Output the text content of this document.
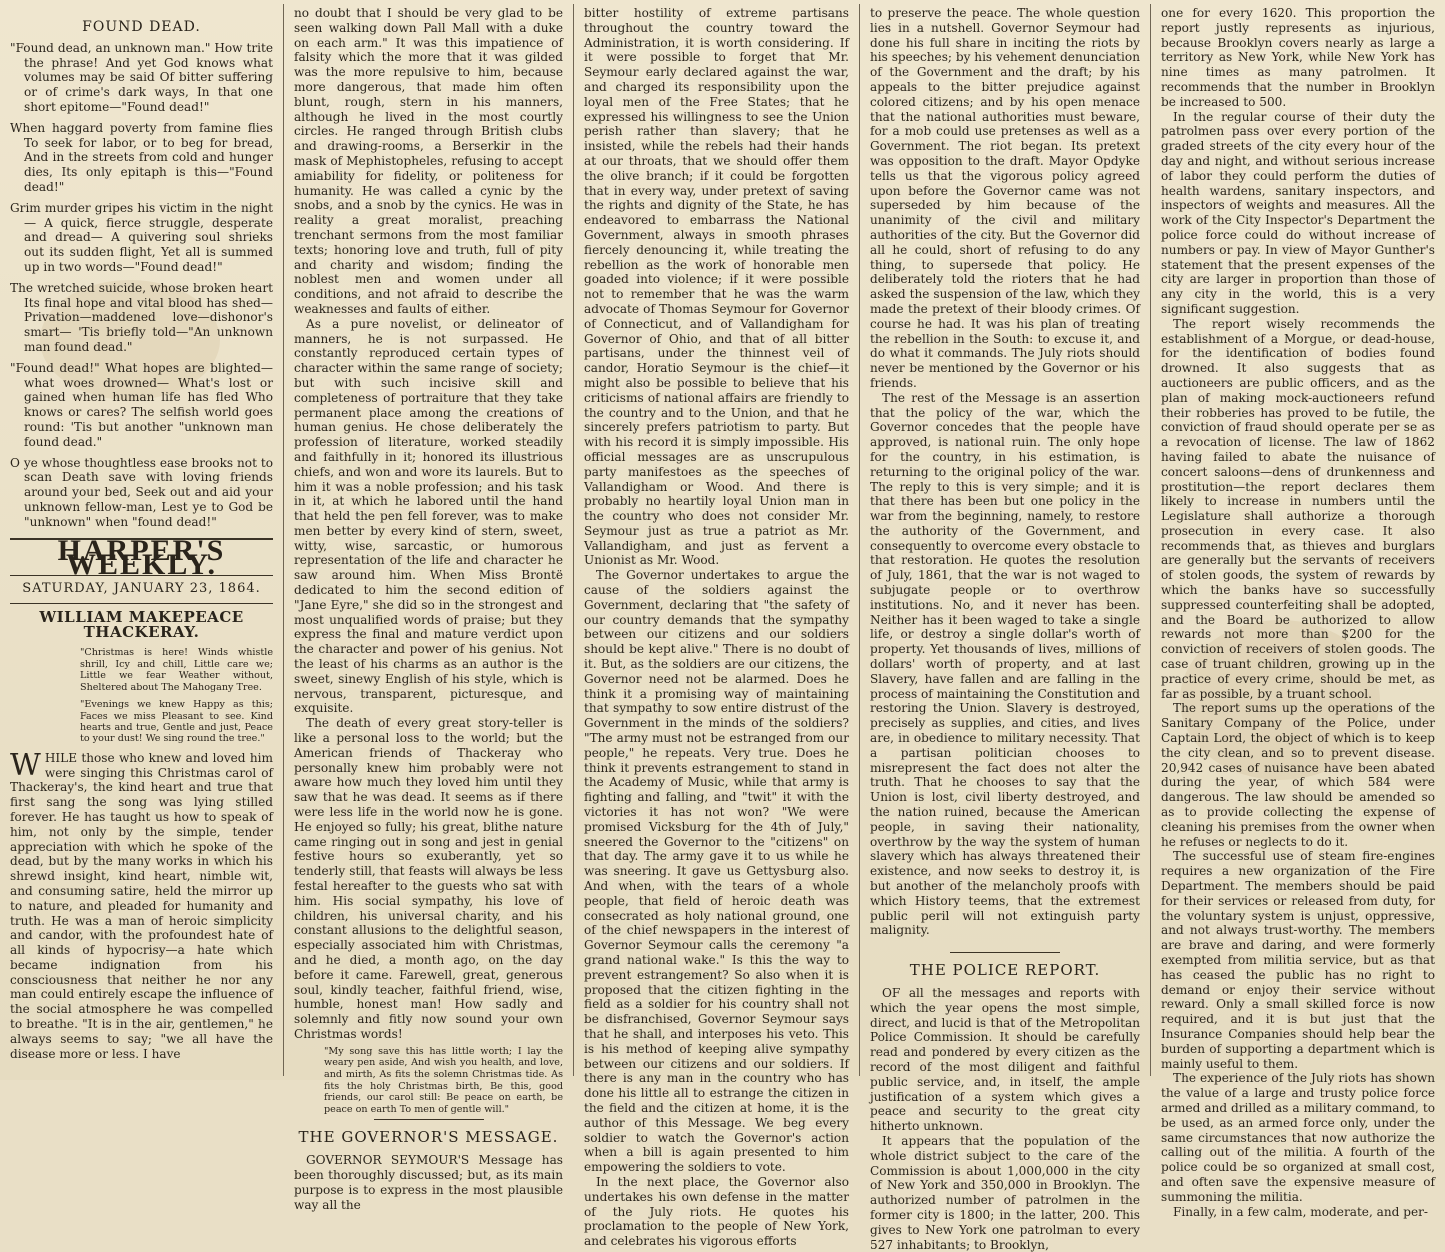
FOUND DEAD.

"Found dead, an unknown man." How trite the phrase! And yet God knows what volumes may be said Of bitter suffering or of crime's dark ways, In that one short epitome—"Found dead!"

When haggard poverty from famine flies To seek for labor, or to beg for bread, And in the streets from cold and hunger dies, Its only epitaph is this—"Found dead!"

Grim murder gripes his victim in the night— A quick, fierce struggle, desperate and dread— A quivering soul shrieks out its sudden flight, Yet all is summed up in two words—"Found dead!"

The wretched suicide, whose broken heart Its final hope and vital blood has shed— Privation—maddened love—dishonor's smart— 'Tis briefly told—"An unknown man found dead."

"Found dead!" What hopes are blighted—what woes drowned— What's lost or gained when human life has fled Who knows or cares? The selfish world goes round: 'Tis but another "unknown man found dead."

O ye whose thoughtless ease brooks not to scan Death save with loving friends around your bed, Seek out and aid your unknown fellow-man, Lest ye to God be "unknown" when "found dead!"

HARPER'S WEEKLY.
SATURDAY, JANUARY 23, 1864.
WILLIAM MAKEPEACE THACKERAY.
"Christmas is here! Winds whistle shrill, Icy and chill, Little care we; Little we fear Weather without, Sheltered about The Mahogany Tree.
"Evenings we knew Happy as this; Faces we miss Pleasant to see. Kind hearts and true, Gentle and just, Peace to your dust! We sing round the tree."
W HILE those who knew and loved him were singing this Christmas carol of Thackeray's, the kind heart and true that first sang the song was lying stilled forever. He has taught us how to speak of him, not only by the simple, tender appreciation with which he spoke of the dead, but by the many works in which his shrewd insight, kind heart, nimble wit, and consuming satire, held the mirror up to nature, and pleaded for humanity and truth. He was a man of heroic simplicity and candor, with the profoundest hate of all kinds of hypocrisy—a hate which became indignation from his consciousness that neither he nor any man could entirely escape the influence of the social atmosphere he was compelled to breathe. "It is in the air, gentlemen," he always seems to say; "we all have the disease more or less. I have

no doubt that I should be very glad to be seen walking down Pall Mall with a duke on each arm." It was this impatience of falsity which the more that it was gilded was the more repulsive to him, because more dangerous, that made him often blunt, rough, stern in his manners, although he lived in the most courtly circles. He ranged through British clubs and drawing-rooms, a Berserkir in the mask of Mephistopheles, refusing to accept amiability for fidelity, or politeness for humanity. He was called a cynic by the snobs, and a snob by the cynics. He was in reality a great moralist, preaching trenchant sermons from the most familiar texts; honoring love and truth, full of pity and charity and wisdom; finding the noblest men and women under all conditions, and not afraid to describe the weaknesses and faults of either.

As a pure novelist, or delineator of manners, he is not surpassed. He constantly reproduced certain types of character within the same range of society; but with such incisive skill and completeness of portraiture that they take permanent place among the creations of human genius. He chose deliberately the profession of literature, worked steadily and faithfully in it; honored its illustrious chiefs, and won and wore its laurels. But to him it was a noble profession; and his task in it, at which he labored until the hand that held the pen fell forever, was to make men better by every kind of stern, sweet, witty, wise, sarcastic, or humorous representation of the life and character he saw around him. When Miss Brontë dedicated to him the second edition of "Jane Eyre," she did so in the strongest and most unqualified words of praise; but they express the final and mature verdict upon the character and power of his genius. Not the least of his charms as an author is the sweet, sinewy English of his style, which is nervous, transparent, picturesque, and exquisite.

The death of every great story-teller is like a personal loss to the world; but the American friends of Thackeray who personally knew him probably were not aware how much they loved him until they saw that he was dead. It seems as if there were less life in the world now he is gone. He enjoyed so fully; his great, blithe nature came ringing out in song and jest in genial festive hours so exuberantly, yet so tenderly still, that feasts will always be less festal hereafter to the guests who sat with him. His social sympathy, his love of children, his universal charity, and his constant allusions to the delightful season, especially associated him with Christmas, and he died, a month ago, on the day before it came. Farewell, great, generous soul, kindly teacher, faithful friend, wise, humble, honest man! How sadly and solemnly and fitly now sound your own Christmas words!

"My song save this has little worth; I lay the weary pen aside, And wish you health, and love, and mirth, As fits the solemn Christmas tide. As fits the holy Christmas birth, Be this, good friends, our carol still: Be peace on earth, be peace on earth To men of gentle will."
THE GOVERNOR'S MESSAGE.

GOVERNOR SEYMOUR'S Message has been thoroughly discussed; but, as its main purpose is to express in the most plausible way all the

bitter hostility of extreme partisans throughout the country toward the Administration, it is worth considering. If it were possible to forget that Mr. Seymour early declared against the war, and charged its responsibility upon the loyal men of the Free States; that he expressed his willingness to see the Union perish rather than slavery; that he insisted, while the rebels had their hands at our throats, that we should offer them the olive branch; if it could be forgotten that in every way, under pretext of saving the rights and dignity of the State, he has endeavored to embarrass the National Government, always in smooth phrases fiercely denouncing it, while treating the rebellion as the work of honorable men goaded into violence; if it were possible not to remember that he was the warm advocate of Thomas Seymour for Governor of Connecticut, and of Vallandigham for Governor of Ohio, and that of all bitter partisans, under the thinnest veil of candor, Horatio Seymour is the chief—it might also be possible to believe that his criticisms of national affairs are friendly to the country and to the Union, and that he sincerely prefers patriotism to party. But with his record it is simply impossible. His official messages are as unscrupulous party manifestoes as the speeches of Vallandigham or Wood. And there is probably no heartily loyal Union man in the country who does not consider Mr. Seymour just as true a patriot as Mr. Vallandigham, and just as fervent a Unionist as Mr. Wood.

The Governor undertakes to argue the cause of the soldiers against the Government, declaring that "the safety of our country demands that the sympathy between our citizens and our soldiers should be kept alive." There is no doubt of it. But, as the soldiers are our citizens, the Governor need not be alarmed. Does he think it a promising way of maintaining that sympathy to sow entire distrust of the Government in the minds of the soldiers? "The army must not be estranged from our people," he repeats. Very true. Does he think it prevents estrangement to stand in the Academy of Music, while that army is fighting and falling, and "twit" it with the victories it has not won? "We were promised Vicksburg for the 4th of July," sneered the Governor to the "citizens" on that day. The army gave it to us while he was sneering. It gave us Gettysburg also. And when, with the tears of a whole people, that field of heroic death was consecrated as holy national ground, one of the chief newspapers in the interest of Governor Seymour calls the ceremony "a grand national wake." Is this the way to prevent estrangement? So also when it is proposed that the citizen fighting in the field as a soldier for his country shall not be disfranchised, Governor Seymour says that he shall, and interposes his veto. This is his method of keeping alive sympathy between our citizens and our soldiers. If there is any man in the country who has done his little all to estrange the citizen in the field and the citizen at home, it is the author of this Message. We beg every soldier to watch the Governor's action when a bill is again presented to him empowering the soldiers to vote.

In the next place, the Governor also undertakes his own defense in the matter of the July riots. He quotes his proclamation to the people of New York, and celebrates his vigorous efforts

to preserve the peace. The whole question lies in a nutshell. Governor Seymour had done his full share in inciting the riots by his speeches; by his vehement denunciation of the Government and the draft; by his appeals to the bitter prejudice against colored citizens; and by his open menace that the national authorities must beware, for a mob could use pretenses as well as a Government. The riot began. Its pretext was opposition to the draft. Mayor Opdyke tells us that the vigorous policy agreed upon before the Governor came was not superseded by him because of the unanimity of the civil and military authorities of the city. But the Governor did all he could, short of refusing to do any thing, to supersede that policy. He deliberately told the rioters that he had asked the suspension of the law, which they made the pretext of their bloody crimes. Of course he had. It was his plan of treating the rebellion in the South: to excuse it, and do what it commands. The July riots should never be mentioned by the Governor or his friends.

The rest of the Message is an assertion that the policy of the war, which the Governor concedes that the people have approved, is national ruin. The only hope for the country, in his estimation, is returning to the original policy of the war. The reply to this is very simple; and it is that there has been but one policy in the war from the beginning, namely, to restore the authority of the Government, and consequently to overcome every obstacle to that restoration. He quotes the resolution of July, 1861, that the war is not waged to subjugate people or to overthrow institutions. No, and it never has been. Neither has it been waged to take a single life, or destroy a single dollar's worth of property. Yet thousands of lives, millions of dollars' worth of property, and at last Slavery, have fallen and are falling in the process of maintaining the Constitution and restoring the Union. Slavery is destroyed, precisely as supplies, and cities, and lives are, in obedience to military necessity. That a partisan politician chooses to misrepresent the fact does not alter the truth. That he chooses to say that the Union is lost, civil liberty destroyed, and the nation ruined, because the American people, in saving their nationality, overthrow by the way the system of human slavery which has always threatened their existence, and now seeks to destroy it, is but another of the melancholy proofs with which History teems, that the extremest public peril will not extinguish party malignity.

THE POLICE REPORT.

OF all the messages and reports with which the year opens the most simple, direct, and lucid is that of the Metropolitan Police Commission. It should be carefully read and pondered by every citizen as the record of the most diligent and faithful public service, and, in itself, the ample justification of a system which gives a peace and security to the great city hitherto unknown.

It appears that the population of the whole district subject to the care of the Commission is about 1,000,000 in the city of New York and 350,000 in Brooklyn. The authorized number of patrolmen in the former city is 1800; in the latter, 200. This gives to New York one patrolman to every 527 inhabitants; to Brooklyn,

one for every 1620. This proportion the report justly represents as injurious, because Brooklyn covers nearly as large a territory as New York, while New York has nine times as many patrolmen. It recommends that the number in Brooklyn be increased to 500.

In the regular course of their duty the patrolmen pass over every portion of the graded streets of the city every hour of the day and night, and without serious increase of labor they could perform the duties of health wardens, sanitary inspectors, and inspectors of weights and measures. All the work of the City Inspector's Department the police force could do without increase of numbers or pay. In view of Mayor Gunther's statement that the present expenses of the city are larger in proportion than those of any city in the world, this is a very significant suggestion.

The report wisely recommends the establishment of a Morgue, or dead-house, for the identification of bodies found drowned. It also suggests that as auctioneers are public officers, and as the plan of making mock-auctioneers refund their robberies has proved to be futile, the conviction of fraud should operate per se as a revocation of license. The law of 1862 having failed to abate the nuisance of concert saloons—dens of drunkenness and prostitution—the report declares them likely to increase in numbers until the Legislature shall authorize a thorough prosecution in every case. It also recommends that, as thieves and burglars are generally but the servants of receivers of stolen goods, the system of rewards by which the banks have so successfully suppressed counterfeiting shall be adopted, and the Board be authorized to allow rewards not more than $200 for the conviction of receivers of stolen goods. The case of truant children, growing up in the practice of every crime, should be met, as far as possible, by a truant school.

The report sums up the operations of the Sanitary Company of the Police, under Captain Lord, the object of which is to keep the city clean, and so to prevent disease. 20,942 cases of nuisance have been abated during the year, of which 584 were dangerous. The law should be amended so as to provide collecting the expense of cleaning his premises from the owner when he refuses or neglects to do it.

The successful use of steam fire-engines requires a new organization of the Fire Department. The members should be paid for their services or released from duty, for the voluntary system is unjust, oppressive, and not always trust-worthy. The members are brave and daring, and were formerly exempted from militia service, but as that has ceased the public has no right to demand or enjoy their service without reward. Only a small skilled force is now required, and it is but just that the Insurance Companies should help bear the burden of supporting a department which is mainly useful to them.

The experience of the July riots has shown the value of a large and trusty police force armed and drilled as a military command, to be used, as an armed force only, under the same circumstances that now authorize the calling out of the militia. A fourth of the police could be so organized at small cost, and often save the expensive measure of summoning the militia.

Finally, in a few calm, moderate, and per-
